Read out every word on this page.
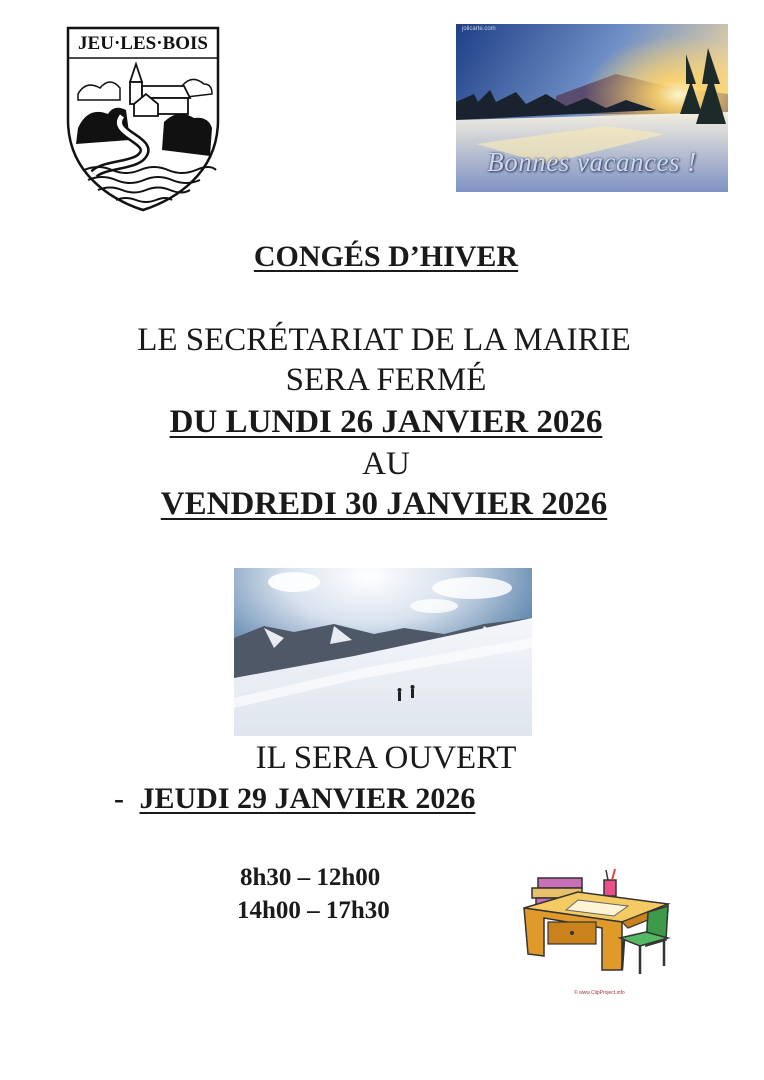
JEU·LES·BOIS
jolicarte.com
Bonnes vacances !
CONGÉS D’HIVER
LE SECRÉTARIAT DE LA MAIRIE
SERA FERMÉ
DU LUNDI 26 JANVIER 2026
AU
VENDREDI 30 JANVIER 2026
IL SERA OUVERT
- JEUDI 29 JANVIER 2026
8h30 – 12h00
14h00 – 17h30
© www.ClipProject.info
